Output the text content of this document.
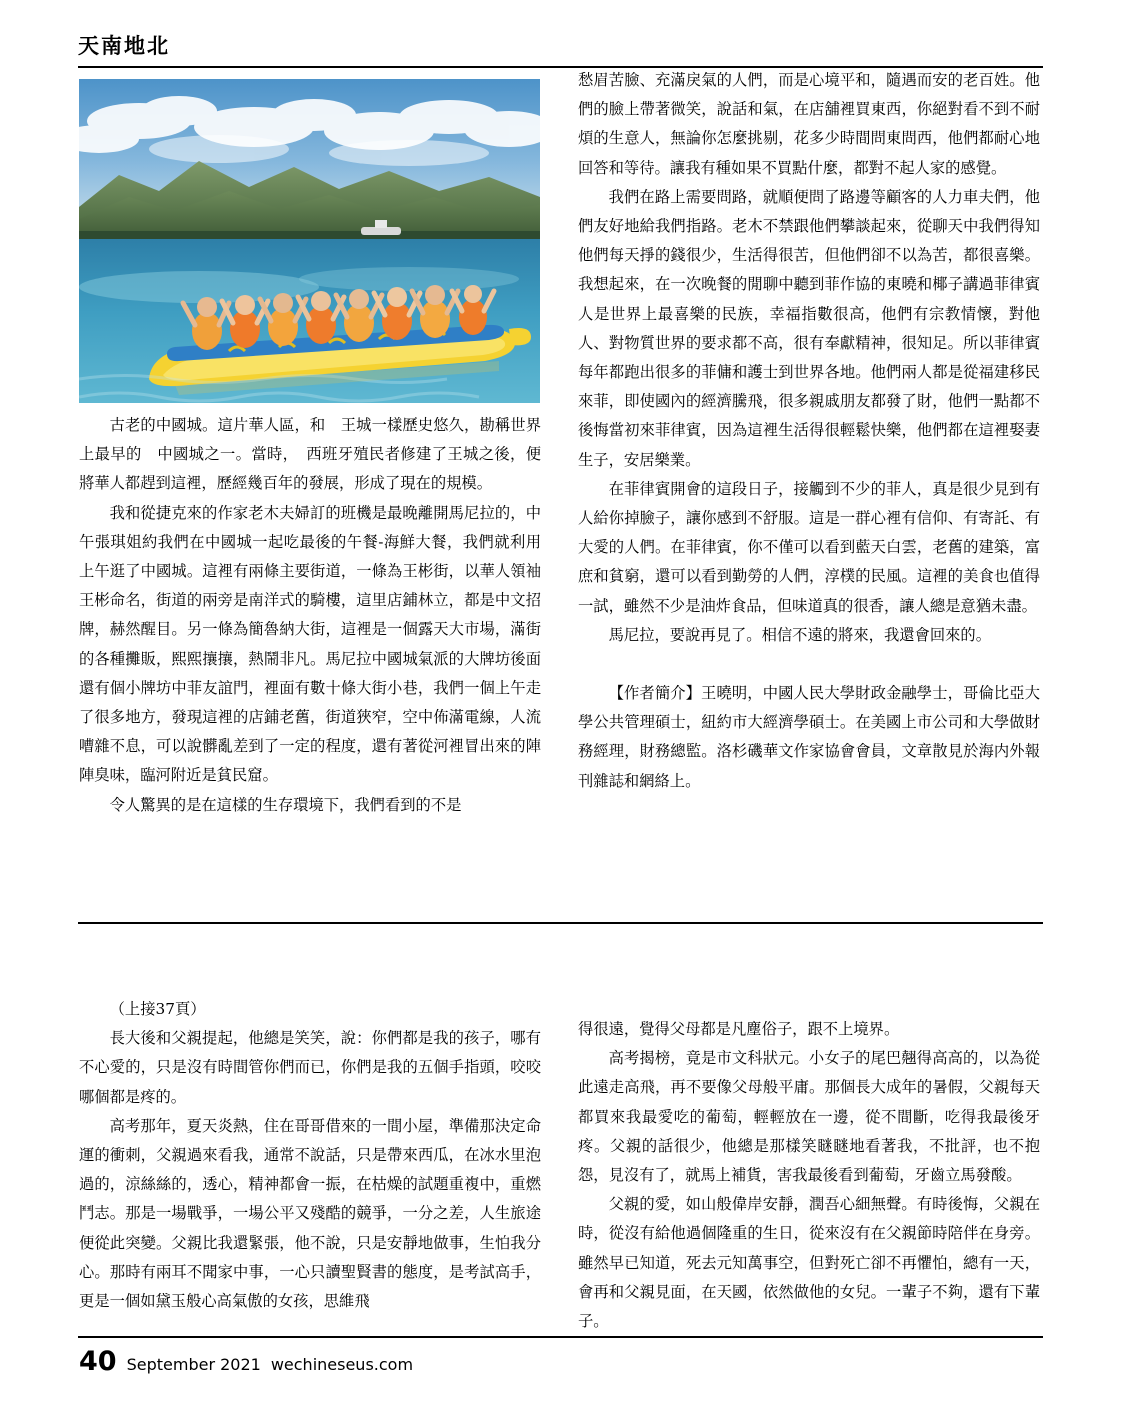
天南地北

古老的中國城。這片華人區，和　王城一樣歷史悠久，勘稱世界上最早的　中國城之一。當時，　西班牙殖民者修建了王城之後，便將華人都趕到這裡，歷經幾百年的發展，形成了現在的規模。

我和從捷克來的作家老木夫婦訂的班機是最晚離開馬尼拉的，中午張琪姐約我們在中國城一起吃最後的午餐-海鮮大餐，我們就利用上午逛了中國城。這裡有兩條主要街道，一條為王彬街，以華人領袖王彬命名，街道的兩旁是南洋式的騎樓，這里店鋪林立，都是中文招牌，赫然醒目。另一條為簡魯納大街，這裡是一個露天大市場，滿街的各種攤販，熙熙攘攘，熱鬧非凡。馬尼拉中國城氣派的大牌坊後面還有個小牌坊中菲友誼門，裡面有數十條大街小巷，我們一個上午走了很多地方，發現這裡的店鋪老舊，街道狹窄，空中佈滿電線，人流嘈雜不息，可以說髒亂差到了一定的程度，還有著從河裡冒出來的陣陣臭味，臨河附近是貧民窟。

令人驚異的是在這樣的生存環境下，我們看到的不是

愁眉苦臉、充滿戾氣的人們，而是心境平和，隨遇而安的老百姓。他們的臉上帶著微笑，說話和氣，在店舖裡買東西，你絕對看不到不耐煩的生意人，無論你怎麼挑剔，花多少時間問東問西，他們都耐心地回答和等待。讓我有種如果不買點什麼，都對不起人家的感覺。

我們在路上需要問路，就順便問了路邊等顧客的人力車夫們，他們友好地給我們指路。老木不禁跟他們攀談起來，從聊天中我們得知他們每天掙的錢很少，生活得很苦，但他們卻不以為苦，都很喜樂。我想起來，在一次晚餐的閒聊中聽到菲作協的東曉和椰子講過菲律賓人是世界上最喜樂的民族，幸福指數很高，他們有宗教情懷，對他人、對物質世界的要求都不高，很有奉獻精神，很知足。所以菲律賓每年都跑出很多的菲傭和護士到世界各地。他們兩人都是從福建移民來菲，即使國內的經濟騰飛，很多親戚朋友都發了財，他們一點都不後悔當初來菲律賓，因為這裡生活得很輕鬆快樂，他們都在這裡娶妻生子，安居樂業。

在菲律賓開會的這段日子，接觸到不少的菲人，真是很少見到有人給你掉臉子，讓你感到不舒服。這是一群心裡有信仰、有寄託、有大愛的人們。在菲律賓，你不僅可以看到藍天白雲，老舊的建築，富庶和貧窮，還可以看到勤勞的人們，淳樸的民風。這裡的美食也值得一試，雖然不少是油炸食品，但味道真的很香，讓人總是意猶未盡。

馬尼拉，要說再見了。相信不遠的將來，我還會回來的。

【作者簡介】王曉明，中國人民大學財政金融學士，哥倫比亞大學公共管理碩士，紐約市大經濟學碩士。在美國上市公司和大學做財務經理，財務總監。洛杉磯華文作家協會會員，文章散見於海内外報刊雜誌和網絡上。

（上接37頁）

長大後和父親提起，他總是笑笑，說：你們都是我的孩子，哪有不心愛的，只是沒有時間管你們而已，你們是我的五個手指頭，咬咬哪個都是疼的。

高考那年，夏天炎熱，住在哥哥借來的一間小屋，準備那決定命運的衝刺，父親過來看我，通常不說話，只是帶來西瓜，在冰水里泡過的，涼絲絲的，透心，精神都會一振，在枯燥的試題重複中，重燃鬥志。那是一場戰爭，一場公平又殘酷的競爭，一分之差，人生旅途便從此突變。父親比我還緊張，他不說，只是安靜地做事，生怕我分心。那時有兩耳不聞家中事，一心只讀聖賢書的態度，是考試高手，更是一個如黛玉般心高氣傲的女孩，思維飛

得很遠，覺得父母都是凡塵俗子，跟不上境界。

高考揭榜，竟是市文科狀元。小女子的尾巴翹得高高的，以為從此遠走高飛，再不要像父母般平庸。那個長大成年的暑假，父親每天都買來我最愛吃的葡萄，輕輕放在一邊，從不間斷，吃得我最後牙疼。父親的話很少，他總是那樣笑瞇瞇地看著我，不批評，也不抱怨，見沒有了，就馬上補貨，害我最後看到葡萄，牙齒立馬發酸。

父親的愛，如山般偉岸安靜，潤吾心細無聲。有時後悔，父親在時，從沒有給他過個隆重的生日，從來沒有在父親節時陪伴在身旁。雖然早已知道，死去元知萬事空，但對死亡卻不再懼怕，總有一天，會再和父親見面，在天國，依然做他的女兒。一輩子不夠，還有下輩子。

40 September 2021 wechineseus.com
